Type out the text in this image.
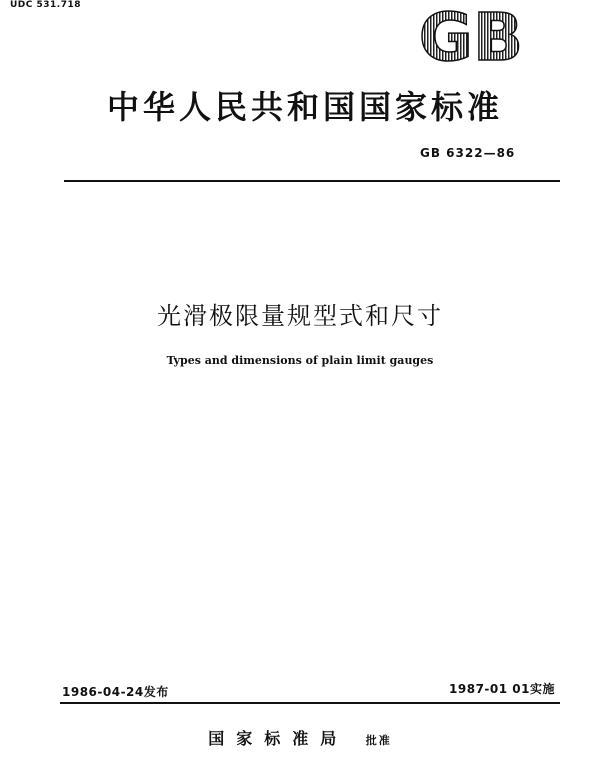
UDC 531.718	GB
中华人民共和国国家标准
GB 6322—86
光滑极限量规型式和尺寸
Types and dimensions of plain limit gauges
1986-04-24发布	1987-01 01实施
国家标准局 批准
